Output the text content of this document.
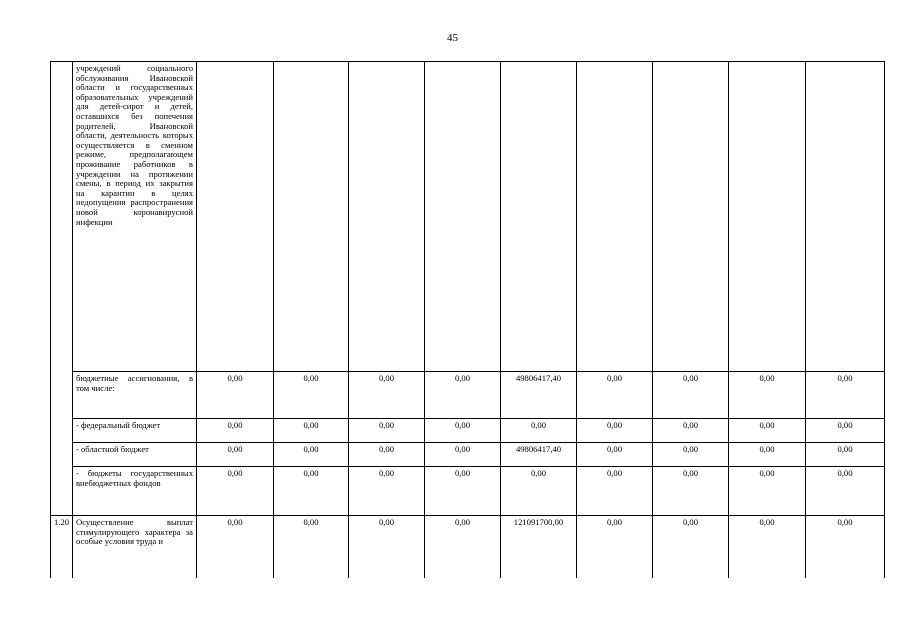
45
	учреждений социального обслуживания Ивановской области и государственных образовательных учреждений для детей-сирот и детей, оставшихся без попечения родителей, Ивановской области, деятельность которых осуществляется в сменном режиме, предполагающем проживание работников в учреждении на протяжении смены, в период их закрытия на карантин в целях недопущения распространения новой коронавирусной инфекции									
	бюджетные ассигнования, в том числе:	0,00	0,00	0,00	0,00	49806417,40	0,00	0,00	0,00	0,00
	- федеральный бюджет	0,00	0,00	0,00	0,00	0,00	0,00	0,00	0,00	0,00
	- областной бюджет	0,00	0,00	0,00	0,00	49806417,40	0,00	0,00	0,00	0,00
	- бюджеты государственных внебюджетных фондов	0,00	0,00	0,00	0,00	0,00	0,00	0,00	0,00	0,00
1.20	Осуществление выплат стимулирующего характера за особые условия труда и	0,00	0,00	0,00	0,00	121091700,00	0,00	0,00	0,00	0,00
